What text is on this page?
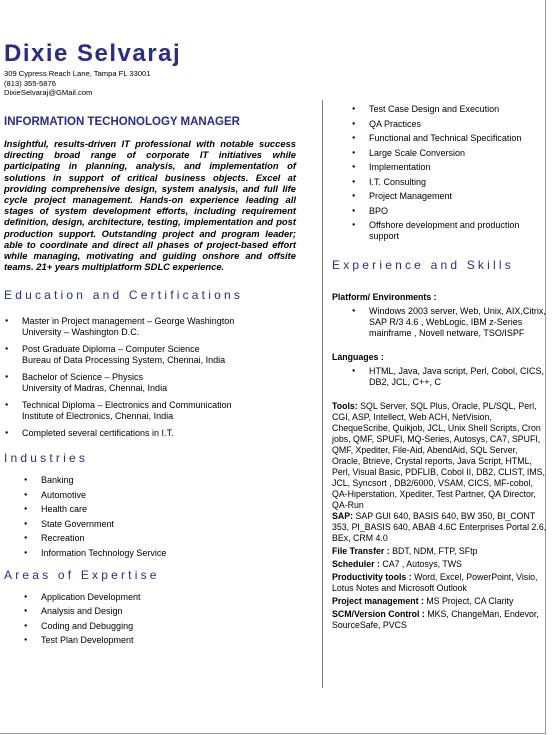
Dixie Selvaraj
309 Cypress Reach Lane, Tampa FL 33001
(813) 355-5876
DixieSelvaraj@GMail.com
INFORMATION TECHONOLOGY MANAGER
Insightful, results-driven IT professional with notable success directing broad range of corporate IT initiatives while participating in planning, analysis, and implementation of solutions in support of critical business objects. Excel at providing comprehensive design, system analysis, and full life cycle project management. Hands-on experience leading all stages of system development efforts, including requirement definition, design, architecture, testing, implementation and post production support. Outstanding project and program leader; able to coordinate and direct all phases of project-based effort while managing, motivating and guiding onshore and offsite teams. 21+ years multiplatform SDLC experience.
Education and Certifications
● Master in Project management – George Washington
University – Washington D.C.
● Post Graduate Diploma – Computer Science
Bureau of Data Processing System, Chennai, India
● Bachelor of Science – Physics
University of Madras, Chennai, India
● Technical Diploma – Electronics and Communication
Institute of Electronics, Chennai, India
● Completed several certifications in I.T.
Industries
● Banking
● Automotive
● Health care
● State Government
● Recreation
● Information Technology Service
Areas of Expertise
● Application Development
● Analysis and Design
● Coding and Debugging
● Test Plan Development
● Test Case Design and Execution
● QA Practices
● Functional and Technical Specification
● Large Scale Conversion
● Implementation
● I.T. Consulting
● Project Management
● BPO
● Offshore development and production support
Experience and Skills
Platform/ Environments :
● Windows 2003 server, Web, Unix, AIX,Citrix, SAP R/3 4.6 , WebLogic, IBM z-Series mainframe , Novell netware, TSO/ISPF
Languages :
● HTML, Java, Java script, Perl, Cobol, CICS, DB2, JCL, C++, C
Tools: SQL Server, SQL Plus, Oracle, PL/SQL, Perl, CGI, ASP, Intellect, Web ACH, NetVision, ChequeScribe, Quikjob, JCL, Unix Shell Scripts, Cron jobs, QMF, SPUFI, MQ-Series, Autosys, CA7, SPUFI, QMF, Xpediter, File-Aid, AbendAid, SQL Server, Oracle, Btrieve, Crystal reports, Java Script, HTML, Perl, Visual Basic, PDFLIB, Cobol II, DB2, CLIST, IMS, JCL, Syncsort , DB2/6000, VSAM, CICS, MF-cobol, QA-Hiperstation, Xpediter, Test Partner, QA Director, QA-Run
SAP: SAP GUI 640, BASIS 640, BW 350, BI_CONT 353, PI_BASIS 640, ABAB 4.6C Enterprises Portal 2.6, BEx, CRM 4.0
File Transfer : BDT, NDM, FTP, SFtp
Scheduler : CA7 , Autosys, TWS
Productivity tools : Word, Excel, PowerPoint, Visio, Lotus Notes and Microsoft Outlook
Project management : MS Project, CA Clarity
SCM/Version Control : MKS, ChangeMan, Endevor, SourceSafe, PVCS
